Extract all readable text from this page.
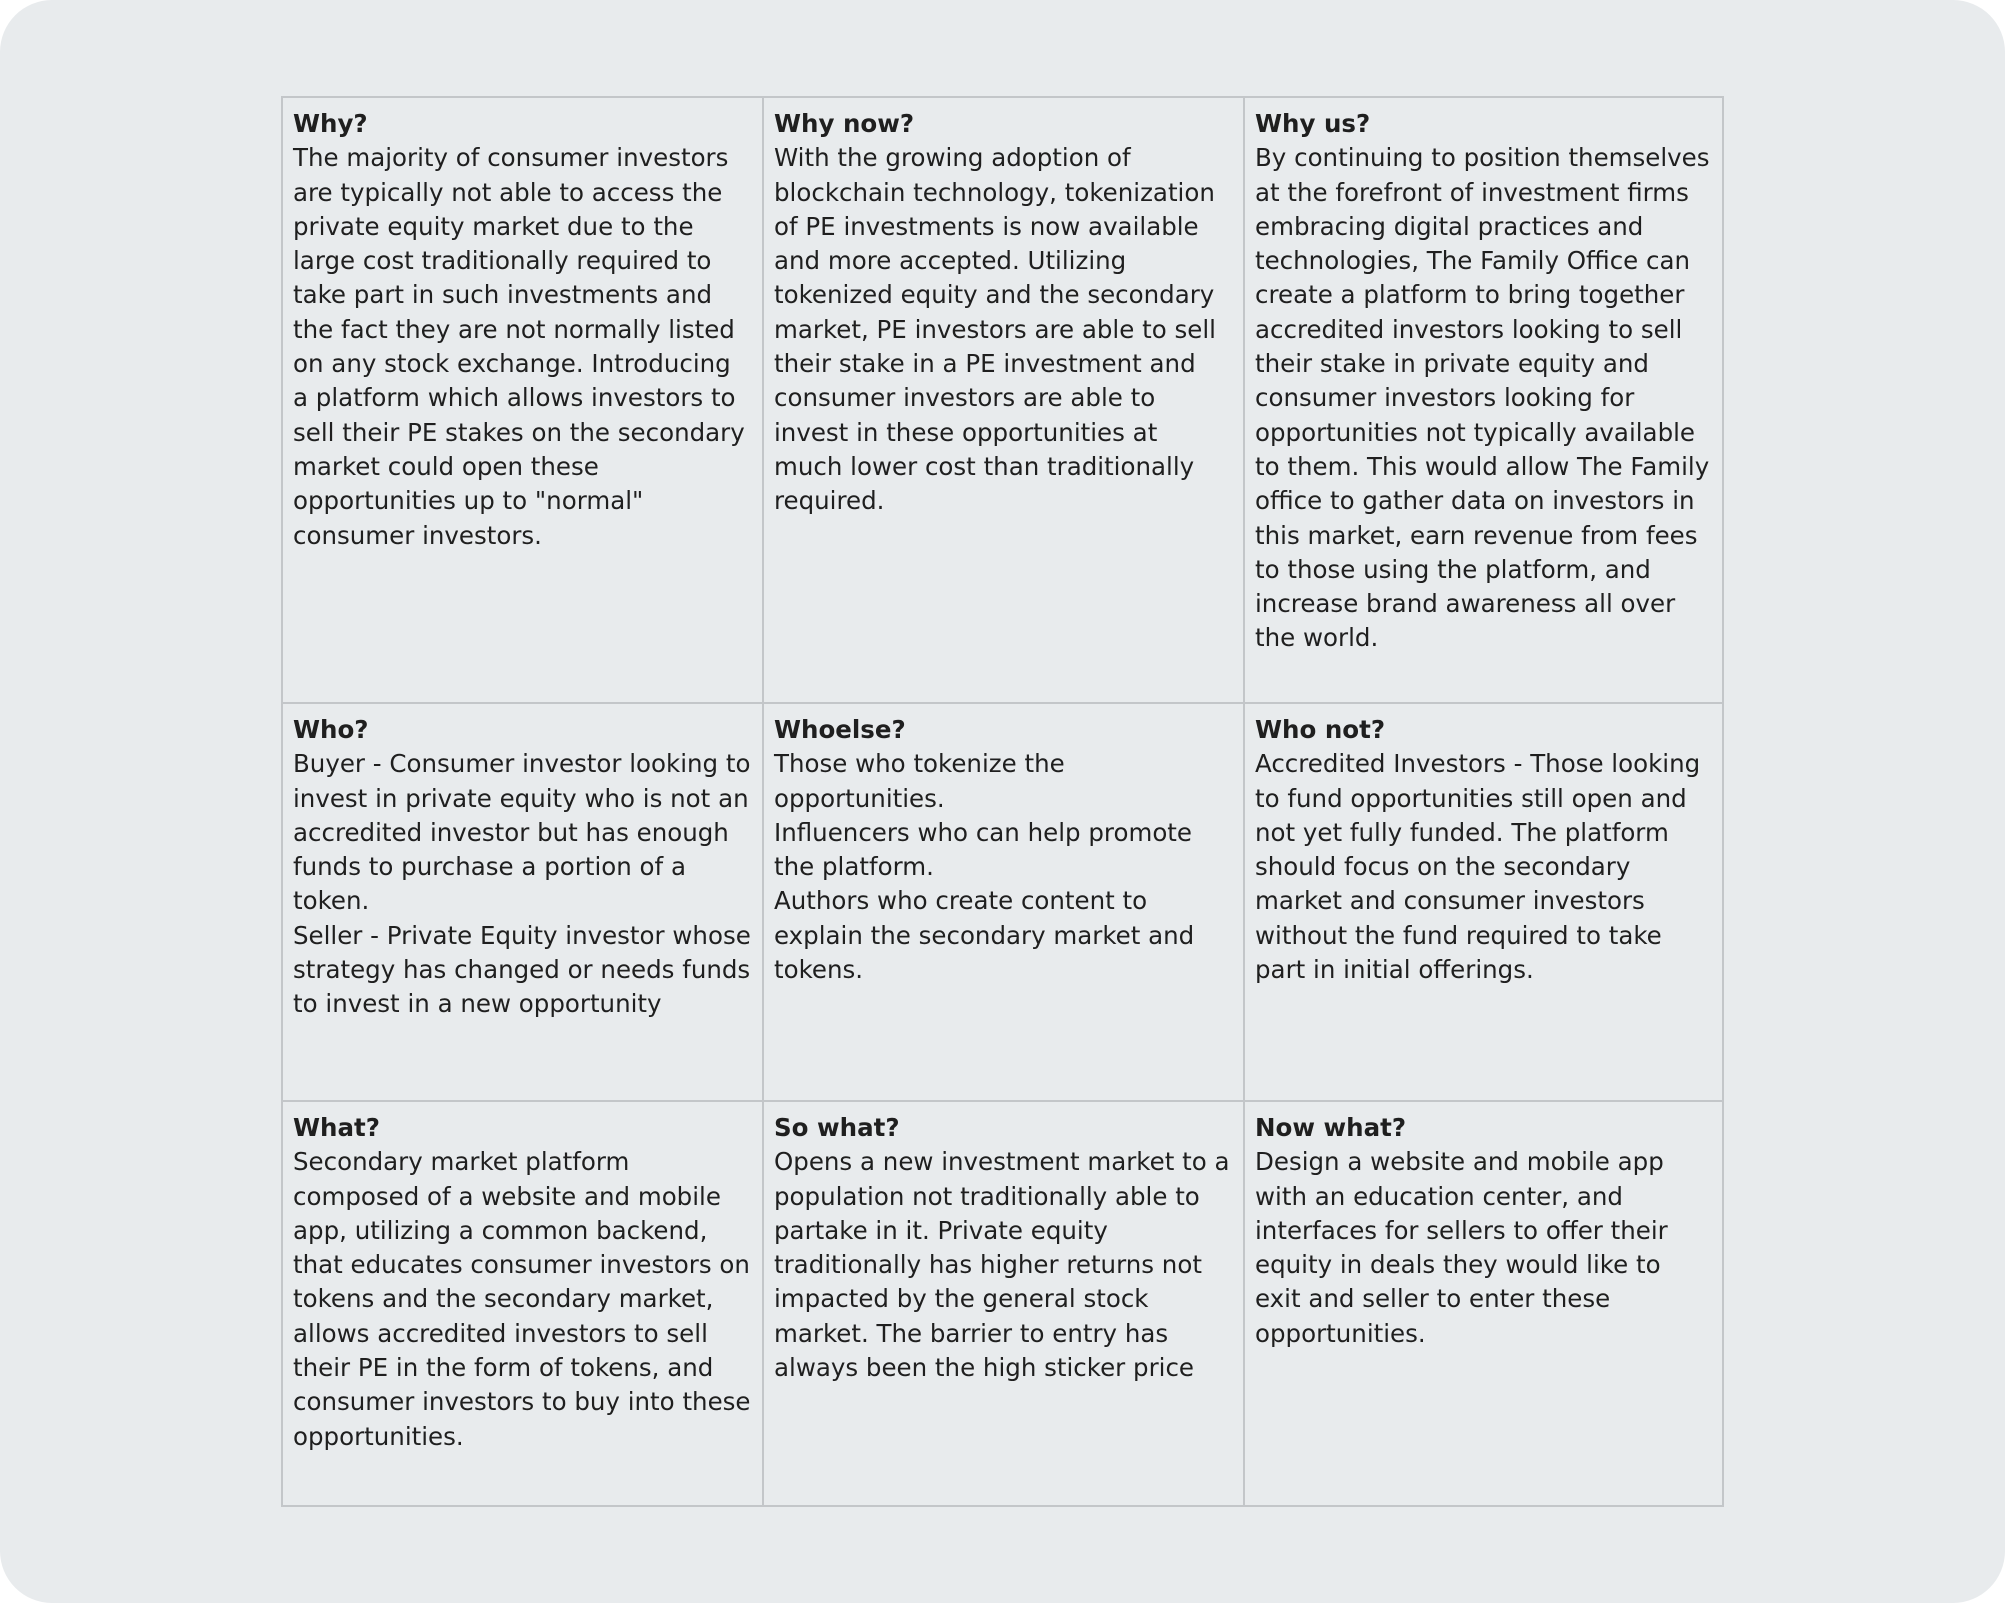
Why?

The majority of consumer investors are typically not able to access the private equity market due to the large cost traditionally required to take part in such investments and the fact they are not normally listed on any stock exchange. Introducing a platform which allows investors to sell their PE stakes on the secondary market could open these opportunities up to "normal" consumer investors.

Why now?

With the growing adoption of blockchain technology, tokenization of PE investments is now available and more accepted. Utilizing tokenized equity and the secondary market, PE investors are able to sell their stake in a PE investment and consumer investors are able to invest in these opportunities at much lower cost than traditionally required.

Why us?

By continuing to position themselves at the forefront of investment firms embracing digital practices and technologies, The Family Office can create a platform to bring together accredited investors looking to sell their stake in private equity and consumer investors looking for opportunities not typically available to them. This would allow The Family office to gather data on investors in this market, earn revenue from fees to those using the platform, and increase brand awareness all over the world.

Who?

Buyer - Consumer investor looking to invest in private equity who is not an accredited investor but has enough funds to purchase a portion of a token.

Seller - Private Equity investor whose strategy has changed or needs funds to invest in a new opportunity

Whoelse?

Those who tokenize the opportunities.

Influencers who can help promote the platform.

Authors who create content to explain the secondary market and tokens.

Who not?

Accredited Investors - Those looking to fund opportunities still open and not yet fully funded. The platform should focus on the secondary market and consumer investors without the fund required to take part in initial offerings.

What?

Secondary market platform composed of a website and mobile app, utilizing a common backend, that educates consumer investors on tokens and the secondary market, allows accredited investors to sell their PE in the form of tokens, and consumer investors to buy into these opportunities.

So what?

Opens a new investment market to a population not traditionally able to partake in it. Private equity traditionally has higher returns not impacted by the general stock market. The barrier to entry has always been the high sticker price

Now what?

Design a website and mobile app with an education center, and interfaces for sellers to offer their equity in deals they would like to exit and seller to enter these opportunities.
